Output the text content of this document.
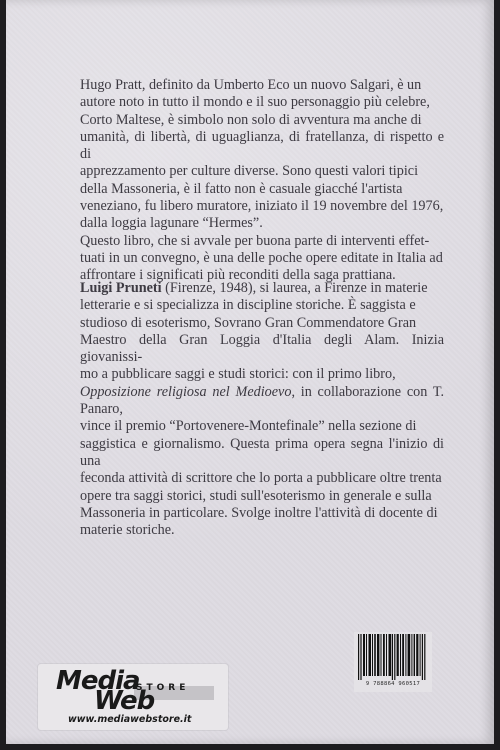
Hugo Pratt, definito da Umberto Eco un nuovo Salgari, è un

autore noto in tutto il mondo e il suo personaggio più celebre,

Corto Maltese, è simbolo non solo di avventura ma anche di

umanità, di libertà, di uguaglianza, di fratellanza, di rispetto e di

apprezzamento per culture diverse. Sono questi valori tipici

della Massoneria, è il fatto non è casuale giacché l'artista

veneziano, fu libero muratore, iniziato il 19 novembre del 1976,

dalla loggia lagunare “Hermes”.

Questo libro, che si avvale per buona parte di interventi effet-

tuati in un convegno, è una delle poche opere editate in Italia ad

affrontare i significati più reconditi della saga prattiana.

Luigi Pruneti (Firenze, 1948), si laurea, a Firenze in materie

letterarie e si specializza in discipline storiche. È saggista e

studioso di esoterismo, Sovrano Gran Commendatore Gran

Maestro della Gran Loggia d'Italia degli Alam. Inizia giovanissi-

mo a pubblicare saggi e studi storici: con il primo libro,

Opposizione religiosa nel Medioevo, in collaborazione con T. Panaro,

vince il premio “Portovenere-Montefinale” nella sezione di

saggistica e giornalismo. Questa prima opera segna l'inizio di una

feconda attività di scrittore che lo porta a pubblicare oltre trenta

opere tra saggi storici, studi sull'esoterismo in generale e sulla

Massoneria in particolare. Svolge inoltre l'attività di docente di

materie storiche.

9 788864 960517
Media
STORE
Web
www.mediawebstore.it
